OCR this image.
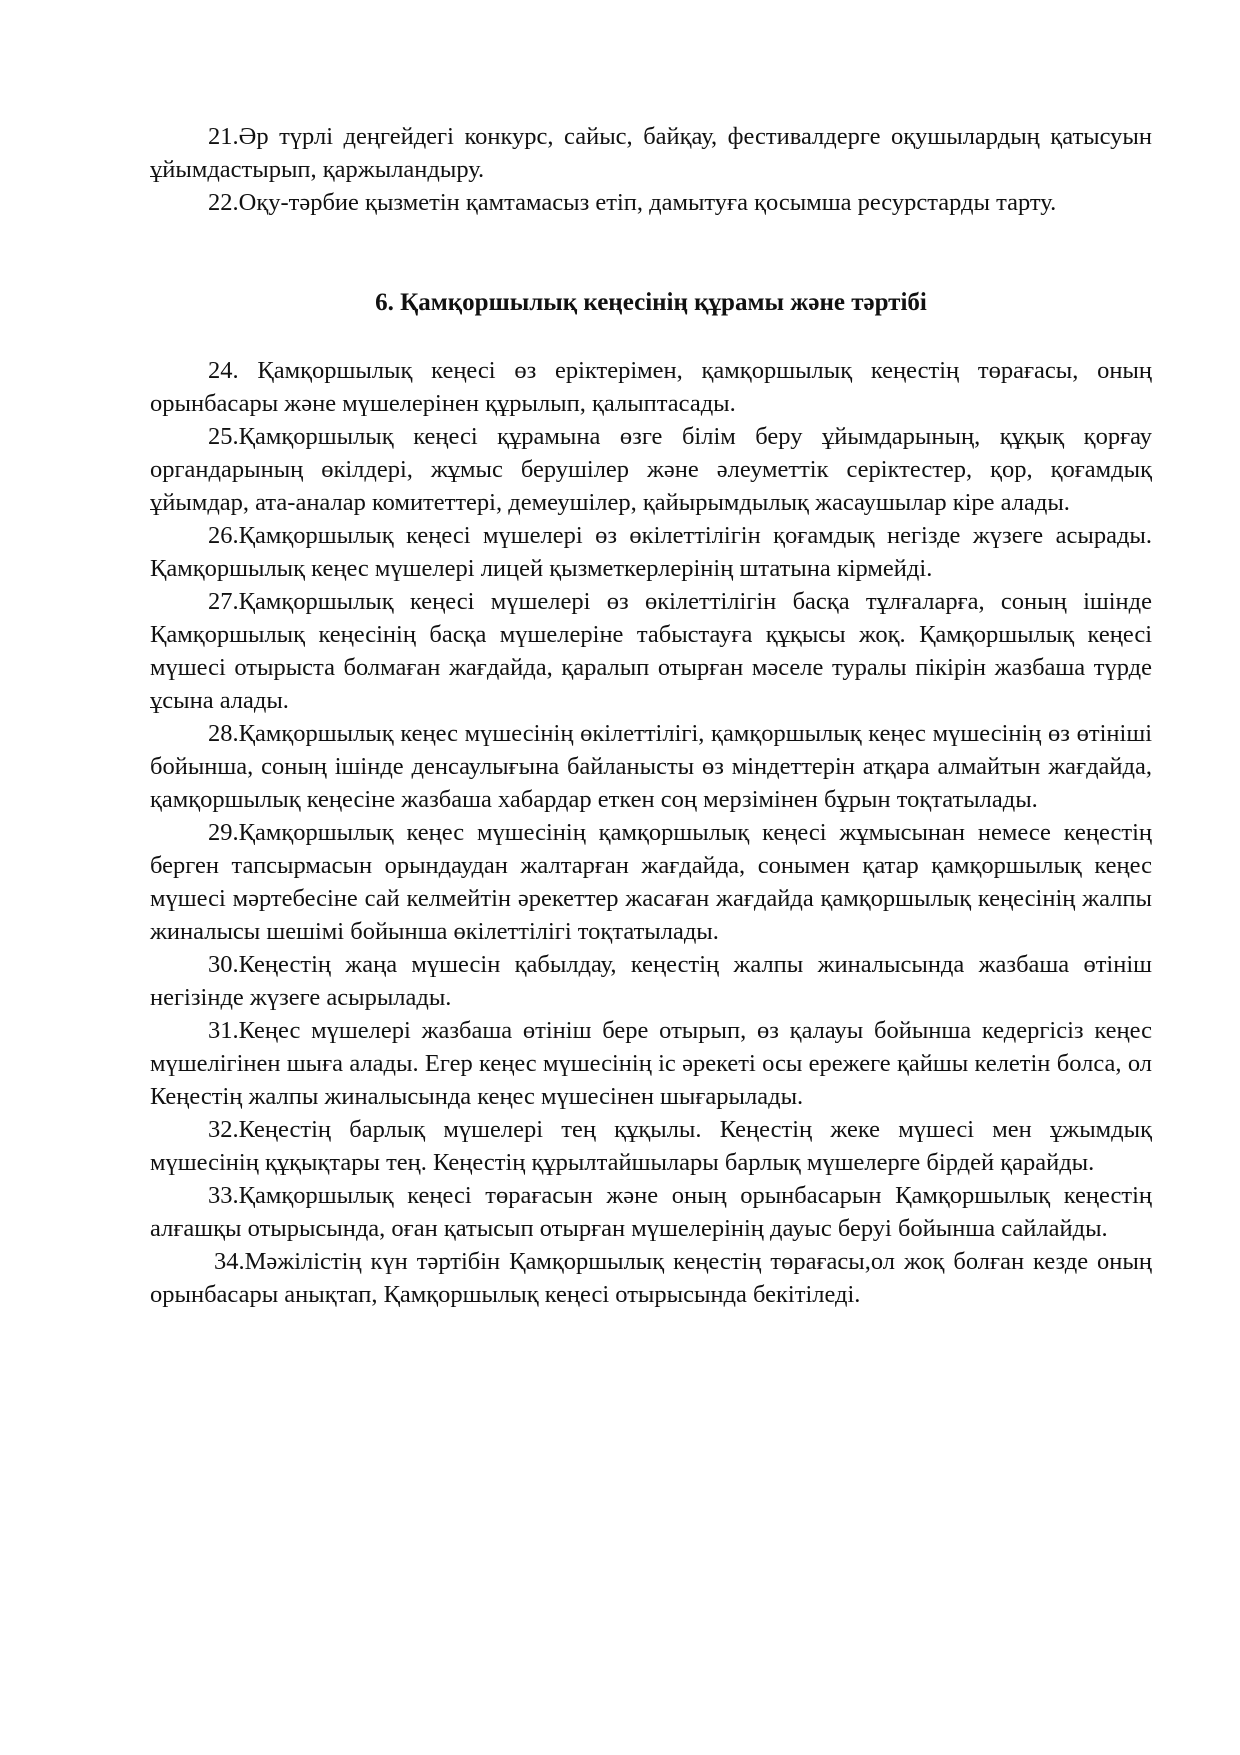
21.Әр түрлі деңгейдегі конкурс, сайыс, байқау, фестивалдерге оқушылардың қатысуын ұйымдастырып, қаржыландыру.

22.Оқу-тәрбие қызметін қамтамасыз етіп, дамытуға қосымша ресурстарды тарту.

6. Қамқоршылық кеңесінің құрамы және тәртібі

24. Қамқоршылық кеңесі өз еріктерімен, қамқоршылық кеңестің төрағасы, оның орынбасары және мүшелерінен құрылып, қалыптасады.

25.Қамқоршылық кеңесі құрамына өзге білім беру ұйымдарының, құқық қорғау органдарының өкілдері, жұмыс берушілер және әлеуметтік серіктестер, қор, қоғамдық ұйымдар, ата-аналар комитеттері, демеушілер, қайырымдылық жасаушылар кіре алады.

26.Қамқоршылық кеңесі мүшелері өз өкілеттілігін қоғамдық негізде жүзеге асырады. Қамқоршылық кеңес мүшелері лицей қызметкерлерінің штатына кірмейді.

27.Қамқоршылық кеңесі мүшелері өз өкілеттілігін басқа тұлғаларға, соның ішінде Қамқоршылық кеңесінің басқа мүшелеріне табыстауға құқысы жоқ. Қамқоршылық кеңесі мүшесі отырыста болмаған жағдайда, қаралып отырған мәселе туралы пікірін жазбаша түрде ұсына алады.

28.Қамқоршылық кеңес мүшесінің өкілеттілігі, қамқоршылық кеңес мүшесінің өз өтініші бойынша, соның ішінде денсаулығына байланысты өз міндеттерін атқара алмайтын жағдайда, қамқоршылық кеңесіне жазбаша хабардар еткен соң мерзімінен бұрын тоқтатылады.

29.Қамқоршылық кеңес мүшесінің қамқоршылық кеңесі жұмысынан немесе кеңестің берген тапсырмасын орындаудан жалтарған жағдайда, сонымен қатар қамқоршылық кеңес мүшесі мәртебесіне сай келмейтін әрекеттер жасаған жағдайда қамқоршылық кеңесінің жалпы жиналысы шешімі бойынша өкілеттілігі тоқтатылады.

30.Кеңестің жаңа мүшесін қабылдау, кеңестің жалпы жиналысында жазбаша өтініш негізінде жүзеге асырылады.

31.Кеңес мүшелері жазбаша өтініш бере отырып, өз қалауы бойынша кедергісіз кеңес мүшелігінен шыға алады. Егер кеңес мүшесінің іс әрекеті осы ережеге қайшы келетін болса, ол Кеңестің жалпы жиналысында кеңес мүшесінен шығарылады.

32.Кеңестің барлық мүшелері тең құқылы. Кеңестің жеке мүшесі мен ұжымдық мүшесінің құқықтары тең. Кеңестің құрылтайшылары барлық мүшелерге бірдей қарайды.

33.Қамқоршылық кеңесі төрағасын және оның орынбасарын Қамқоршылық кеңестің алғашқы отырысында, оған қатысып отырған мүшелерінің дауыс беруі бойынша сайлайды.

34.Мәжілістің күн тәртібін Қамқоршылық кеңестің төрағасы,ол жоқ болған кезде оның орынбасары анықтап, Қамқоршылық кеңесі отырысында бекітіледі.
